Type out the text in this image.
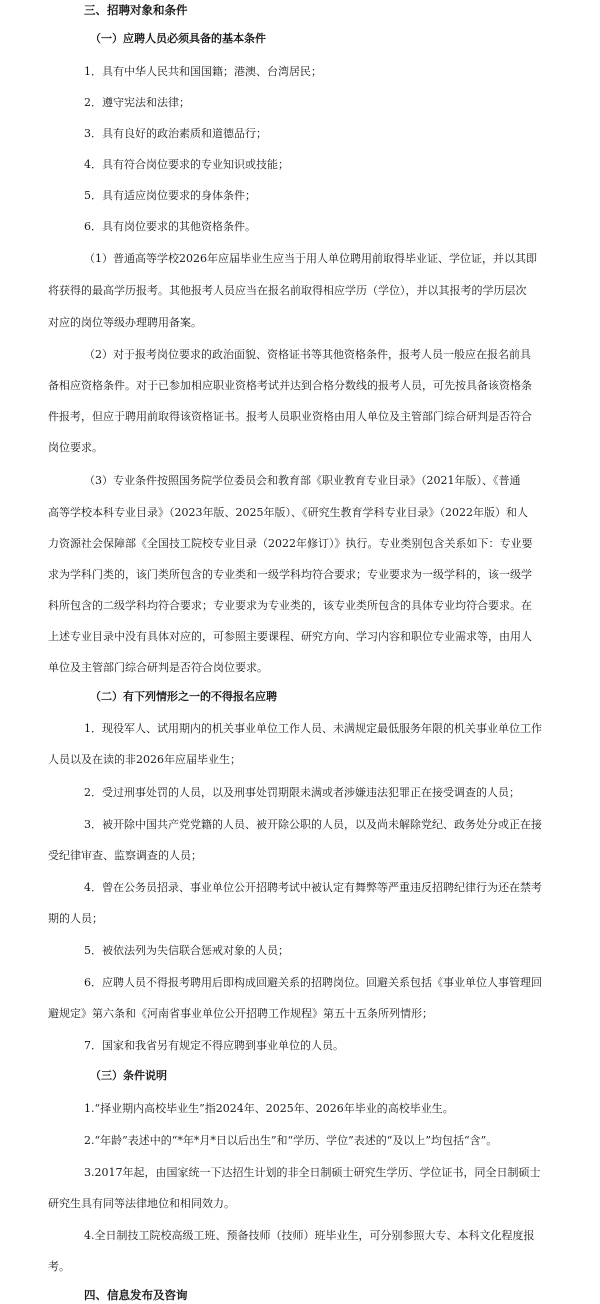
三、招聘对象和条件
（一）应聘人员必须具备的基本条件
1．具有中华人民共和国国籍；港澳、台湾居民；
2．遵守宪法和法律；
3．具有良好的政治素质和道德品行；
4．具有符合岗位要求的专业知识或技能；
5．具有适应岗位要求的身体条件；
6．具有岗位要求的其他资格条件。
（1）普通高等学校2026年应届毕业生应当于用人单位聘用前取得毕业证、学位证，并以其即
将获得的最高学历报考。其他报考人员应当在报名前取得相应学历（学位），并以其报考的学历层次
对应的岗位等级办理聘用备案。
（2）对于报考岗位要求的政治面貌、资格证书等其他资格条件，报考人员一般应在报名前具
备相应资格条件。对于已参加相应职业资格考试并达到合格分数线的报考人员，可先按具备该资格条
件报考，但应于聘用前取得该资格证书。报考人员职业资格由用人单位及主管部门综合研判是否符合
岗位要求。
（3）专业条件按照国务院学位委员会和教育部《职业教育专业目录》（2021年版）、《普通
高等学校本科专业目录》（2023年版、2025年版）、《研究生教育学科专业目录》（2022年版）和人
力资源社会保障部《全国技工院校专业目录（2022年修订）》执行。专业类别包含关系如下：专业要
求为学科门类的，该门类所包含的专业类和一级学科均符合要求；专业要求为一级学科的，该一级学
科所包含的二级学科均符合要求；专业要求为专业类的，该专业类所包含的具体专业均符合要求。在
上述专业目录中没有具体对应的，可参照主要课程、研究方向、学习内容和职位专业需求等，由用人
单位及主管部门综合研判是否符合岗位要求。
（二）有下列情形之一的不得报名应聘
1．现役军人、试用期内的机关事业单位工作人员、未满规定最低服务年限的机关事业单位工作
人员以及在读的非2026年应届毕业生；
2．受过刑事处罚的人员，以及刑事处罚期限未满或者涉嫌违法犯罪正在接受调查的人员；
3．被开除中国共产党党籍的人员、被开除公职的人员，以及尚未解除党纪、政务处分或正在接
受纪律审查、监察调查的人员；
4．曾在公务员招录、事业单位公开招聘考试中被认定有舞弊等严重违反招聘纪律行为还在禁考
期的人员；
5．被依法列为失信联合惩戒对象的人员；
6．应聘人员不得报考聘用后即构成回避关系的招聘岗位。回避关系包括《事业单位人事管理回
避规定》第六条和《河南省事业单位公开招聘工作规程》第五十五条所列情形；
7．国家和我省另有规定不得应聘到事业单位的人员。
（三）条件说明
1.“择业期内高校毕业生”指2024年、2025年、2026年毕业的高校毕业生。
2.“年龄”表述中的“*年*月*日以后出生”和“学历、学位”表述的“及以上”均包括“含”。
3.2017年起，由国家统一下达招生计划的非全日制硕士研究生学历、学位证书，同全日制硕士
研究生具有同等法律地位和相同效力。
4.全日制技工院校高级工班、预备技师（技师）班毕业生，可分别参照大专、本科文化程度报
考。
四、信息发布及咨询
